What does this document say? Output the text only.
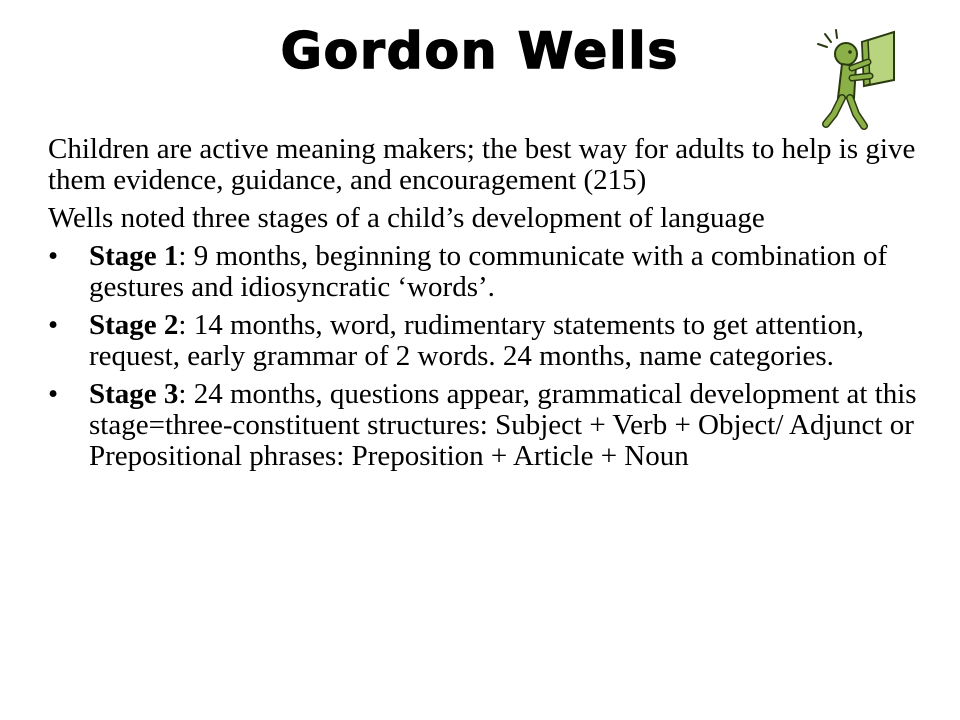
Gordon Wells

Children are active meaning makers; the best way for adults to help is give them evidence, guidance, and encouragement (215)

Wells noted three stages of a child’s development of language

• Stage 1: 9 months, beginning to communicate with a combination of gestures and idiosyncratic ‘words’.
• Stage 2: 14 months, word, rudimentary statements to get attention, request, early grammar of 2 words. 24 months, name categories.
• Stage 3: 24 months, questions appear, grammatical development at this stage=three-constituent structures: Subject + Verb + Object/ Adjunct or Prepositional phrases: Preposition + Article + Noun
